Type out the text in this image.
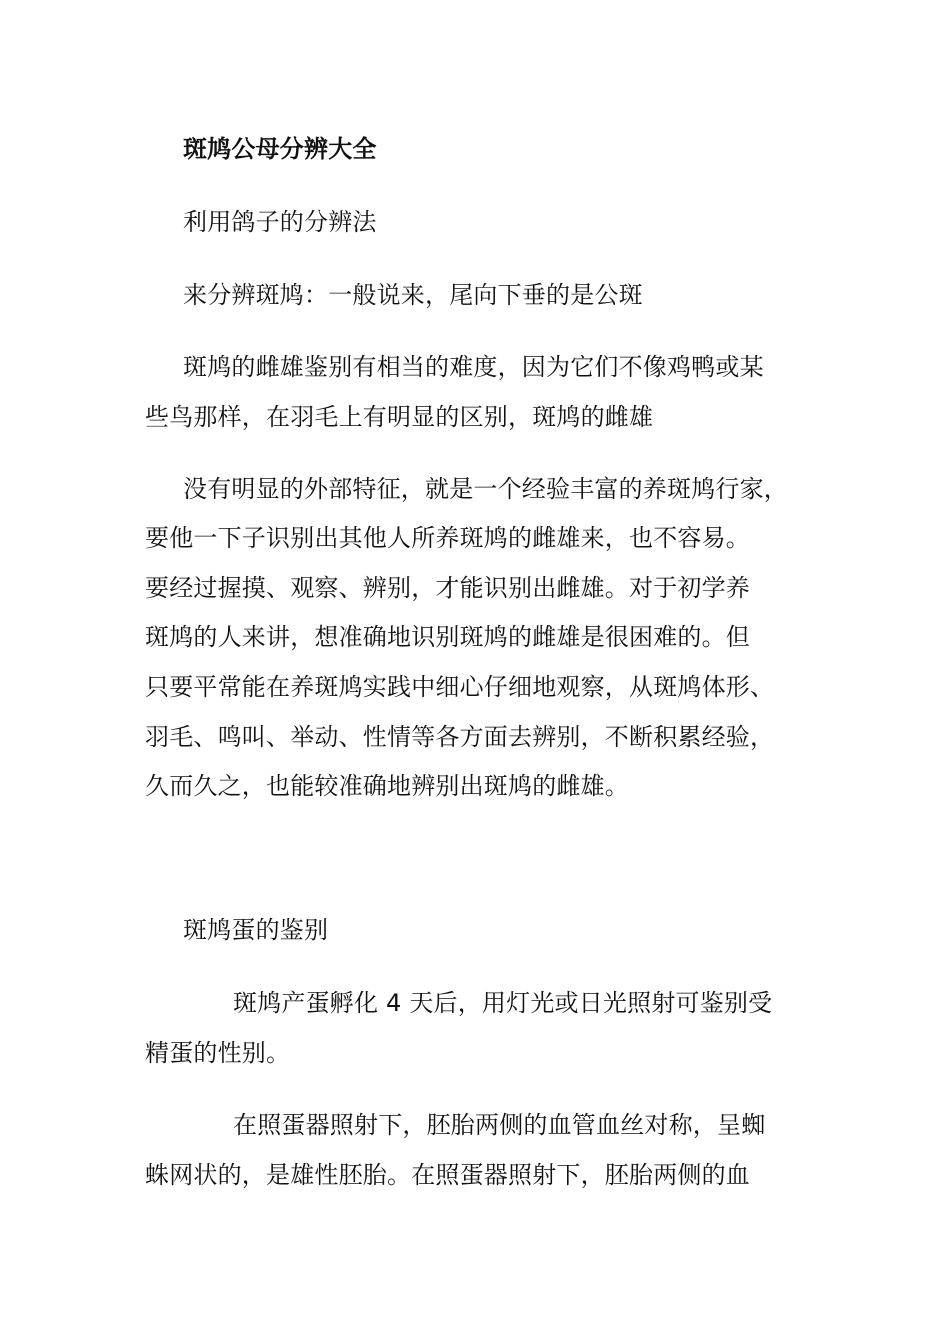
斑鸠公母分辨大全
利用鸽子的分辨法
来分辨斑鸠：一般说来，尾向下垂的是公斑
斑鸠的雌雄鉴别有相当的难度，因为它们不像鸡鸭或某
些鸟那样，在羽毛上有明显的区别，斑鸠的雌雄
没有明显的外部特征，就是一个经验丰富的养斑鸠行家，
要他一下子识别出其他人所养斑鸠的雌雄来，也不容易。
要经过握摸、观察、辨别，才能识别出雌雄。对于初学养
斑鸠的人来讲，想准确地识别斑鸠的雌雄是很困难的。但
只要平常能在养斑鸠实践中细心仔细地观察，从斑鸠体形、
羽毛、鸣叫、举动、性情等各方面去辨别，不断积累经验，
久而久之，也能较准确地辨别出斑鸠的雌雄。
斑鸠蛋的鉴别
斑鸠产蛋孵化 4 天后，用灯光或日光照射可鉴别受
精蛋的性别。
在照蛋器照射下，胚胎两侧的血管血丝对称，呈蜘
蛛网状的，是雄性胚胎。在照蛋器照射下，胚胎两侧的血
